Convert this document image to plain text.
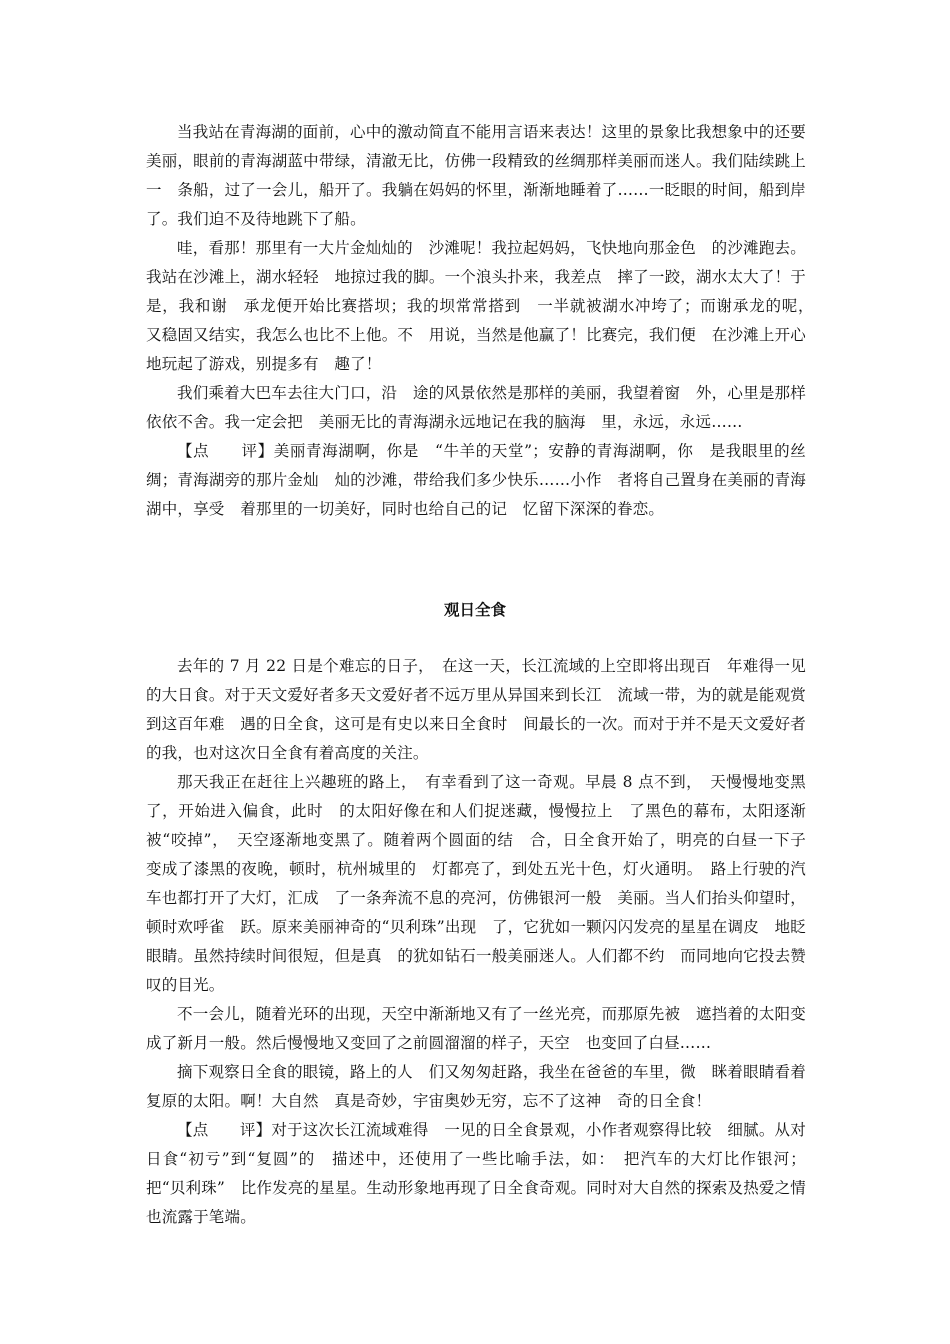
当我站在青海湖的面前，心中的激动简直不能用言语来表达！这里的景象比我想象中的还要美丽，眼前的青海湖蓝中带绿，清澈无比，仿佛一段精致的丝绸那样美丽而迷人。我们陆续跳上一　条船，过了一会儿，船开了。我躺在妈妈的怀里，渐渐地睡着了……一眨眼的时间，船到岸了。我们迫不及待地跳下了船。

哇，看那！那里有一大片金灿灿的　沙滩呢！我拉起妈妈，飞快地向那金色　的沙滩跑去。我站在沙滩上，湖水轻轻　地掠过我的脚。一个浪头扑来，我差点　摔了一跤，湖水太大了！于是，我和谢　承龙便开始比赛搭坝；我的坝常常搭到　一半就被湖水冲垮了；而谢承龙的呢，　又稳固又结实，我怎么也比不上他。不　用说，当然是他赢了！比赛完，我们便　在沙滩上开心地玩起了游戏，别提多有　趣了！

我们乘着大巴车去往大门口，沿　途的风景依然是那样的美丽，我望着窗　外，心里是那样依依不舍。我一定会把　美丽无比的青海湖永远地记在我的脑海　里，永远，永远……

【点　　评】美丽青海湖啊，你是　“牛羊的天堂”；安静的青海湖啊，你　是我眼里的丝绸；青海湖旁的那片金灿　灿的沙滩，带给我们多少快乐……小作　者将自己置身在美丽的青海湖中，享受　着那里的一切美好，同时也给自己的记　忆留下深深的眷恋。

观日全食

去年的 7 月 22 日是个难忘的日子，　在这一天，长江流域的上空即将出现百　年难得一见的大日食。对于天文爱好者多天文爱好者不远万里从异国来到长江　流域一带，为的就是能观赏到这百年难　遇的日全食，这可是有史以来日全食时　间最长的一次。而对于并不是天文爱好者的我，也对这次日全食有着高度的关注。

那天我正在赶往上兴趣班的路上，　有幸看到了这一奇观。早晨 8 点不到，　天慢慢地变黑了，开始进入偏食，此时　的太阳好像在和人们捉迷藏，慢慢拉上　了黑色的幕布，太阳逐渐被“咬掉”，　天空逐渐地变黑了。随着两个圆面的结　合，日全食开始了，明亮的白昼一下子　变成了漆黑的夜晚，顿时，杭州城里的　灯都亮了，到处五光十色，灯火通明。　路上行驶的汽车也都打开了大灯，汇成　了一条奔流不息的亮河，仿佛银河一般　美丽。当人们抬头仰望时，顿时欢呼雀　跃。原来美丽神奇的“贝利珠”出现　了，它犹如一颗闪闪发亮的星星在调皮　地眨眼睛。虽然持续时间很短，但是真　的犹如钻石一般美丽迷人。人们都不约　而同地向它投去赞叹的目光。

不一会儿，随着光环的出现，天空中渐渐地又有了一丝光亮，而那原先被　遮挡着的太阳变成了新月一般。然后慢慢地又变回了之前圆溜溜的样子，天空　也变回了白昼……

摘下观察日全食的眼镜，路上的人　们又匆匆赶路，我坐在爸爸的车里，微　眯着眼睛看着复原的太阳。啊！大自然　真是奇妙，宇宙奥妙无穷，忘不了这神　奇的日全食！

【点　　评】对于这次长江流域难得　一见的日全食景观，小作者观察得比较　细腻。从对日食“初亏”到“复圆”的　描述中，还使用了一些比喻手法，如：　把汽车的大灯比作银河；把“贝利珠”　比作发亮的星星。生动形象地再现了日全食奇观。同时对大自然的探索及热爱之情也流露于笔端。
